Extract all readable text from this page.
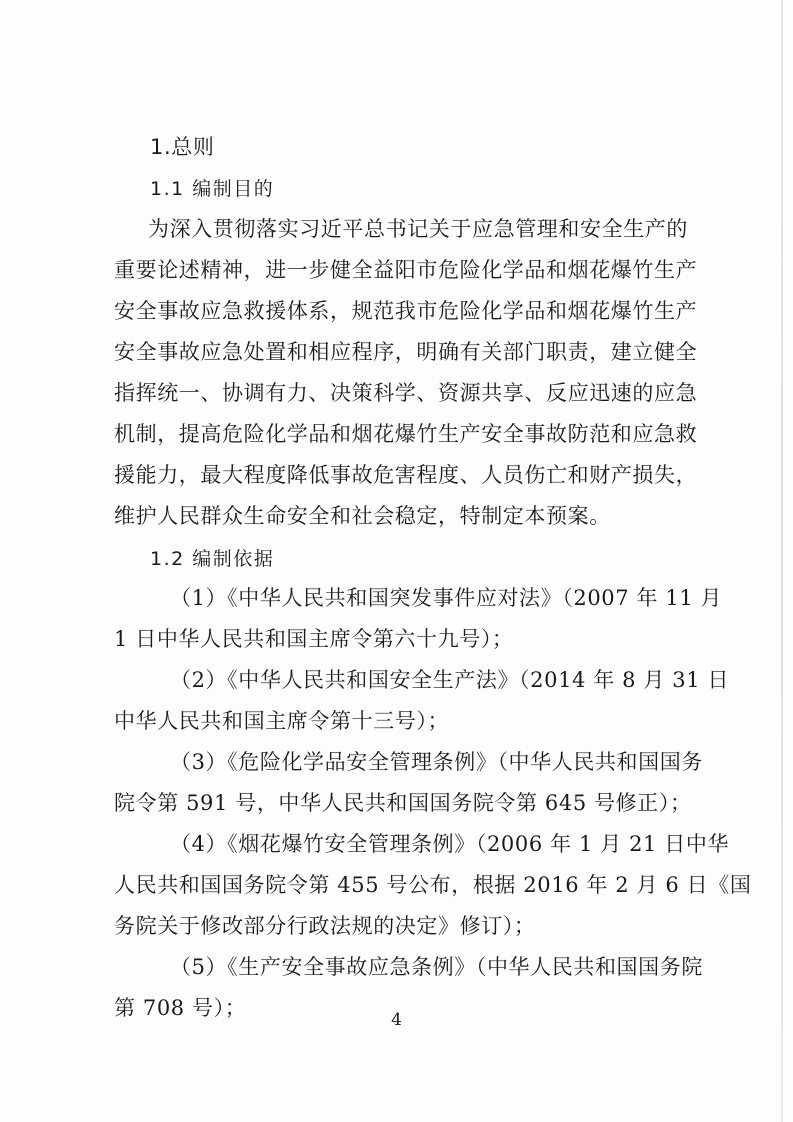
1.总则
1.1 编制目的
为深入贯彻落实习近平总书记关于应急管理和安全生产的
重要论述精神，进一步健全益阳市危险化学品和烟花爆竹生产
安全事故应急救援体系，规范我市危险化学品和烟花爆竹生产
安全事故应急处置和相应程序，明确有关部门职责，建立健全
指挥统一、协调有力、决策科学、资源共享、反应迅速的应急
机制，提高危险化学品和烟花爆竹生产安全事故防范和应急救
援能力，最大程度降低事故危害程度、人员伤亡和财产损失，
维护人民群众生命安全和社会稳定，特制定本预案。
1.2 编制依据
（1）《中华人民共和国突发事件应对法》（2007 年 11 月
1 日中华人民共和国主席令第六十九号）；
（2）《中华人民共和国安全生产法》（2014 年 8 月 31 日
中华人民共和国主席令第十三号）；
（3）《危险化学品安全管理条例》（中华人民共和国国务
院令第 591 号，中华人民共和国国务院令第 645 号修正）；
（4）《烟花爆竹安全管理条例》（2006 年 1 月 21 日中华
人民共和国国务院令第 455 号公布，根据 2016 年 2 月 6 日《国
务院关于修改部分行政法规的决定》修订）；
（5）《生产安全事故应急条例》（中华人民共和国国务院
第 708 号）；	4
